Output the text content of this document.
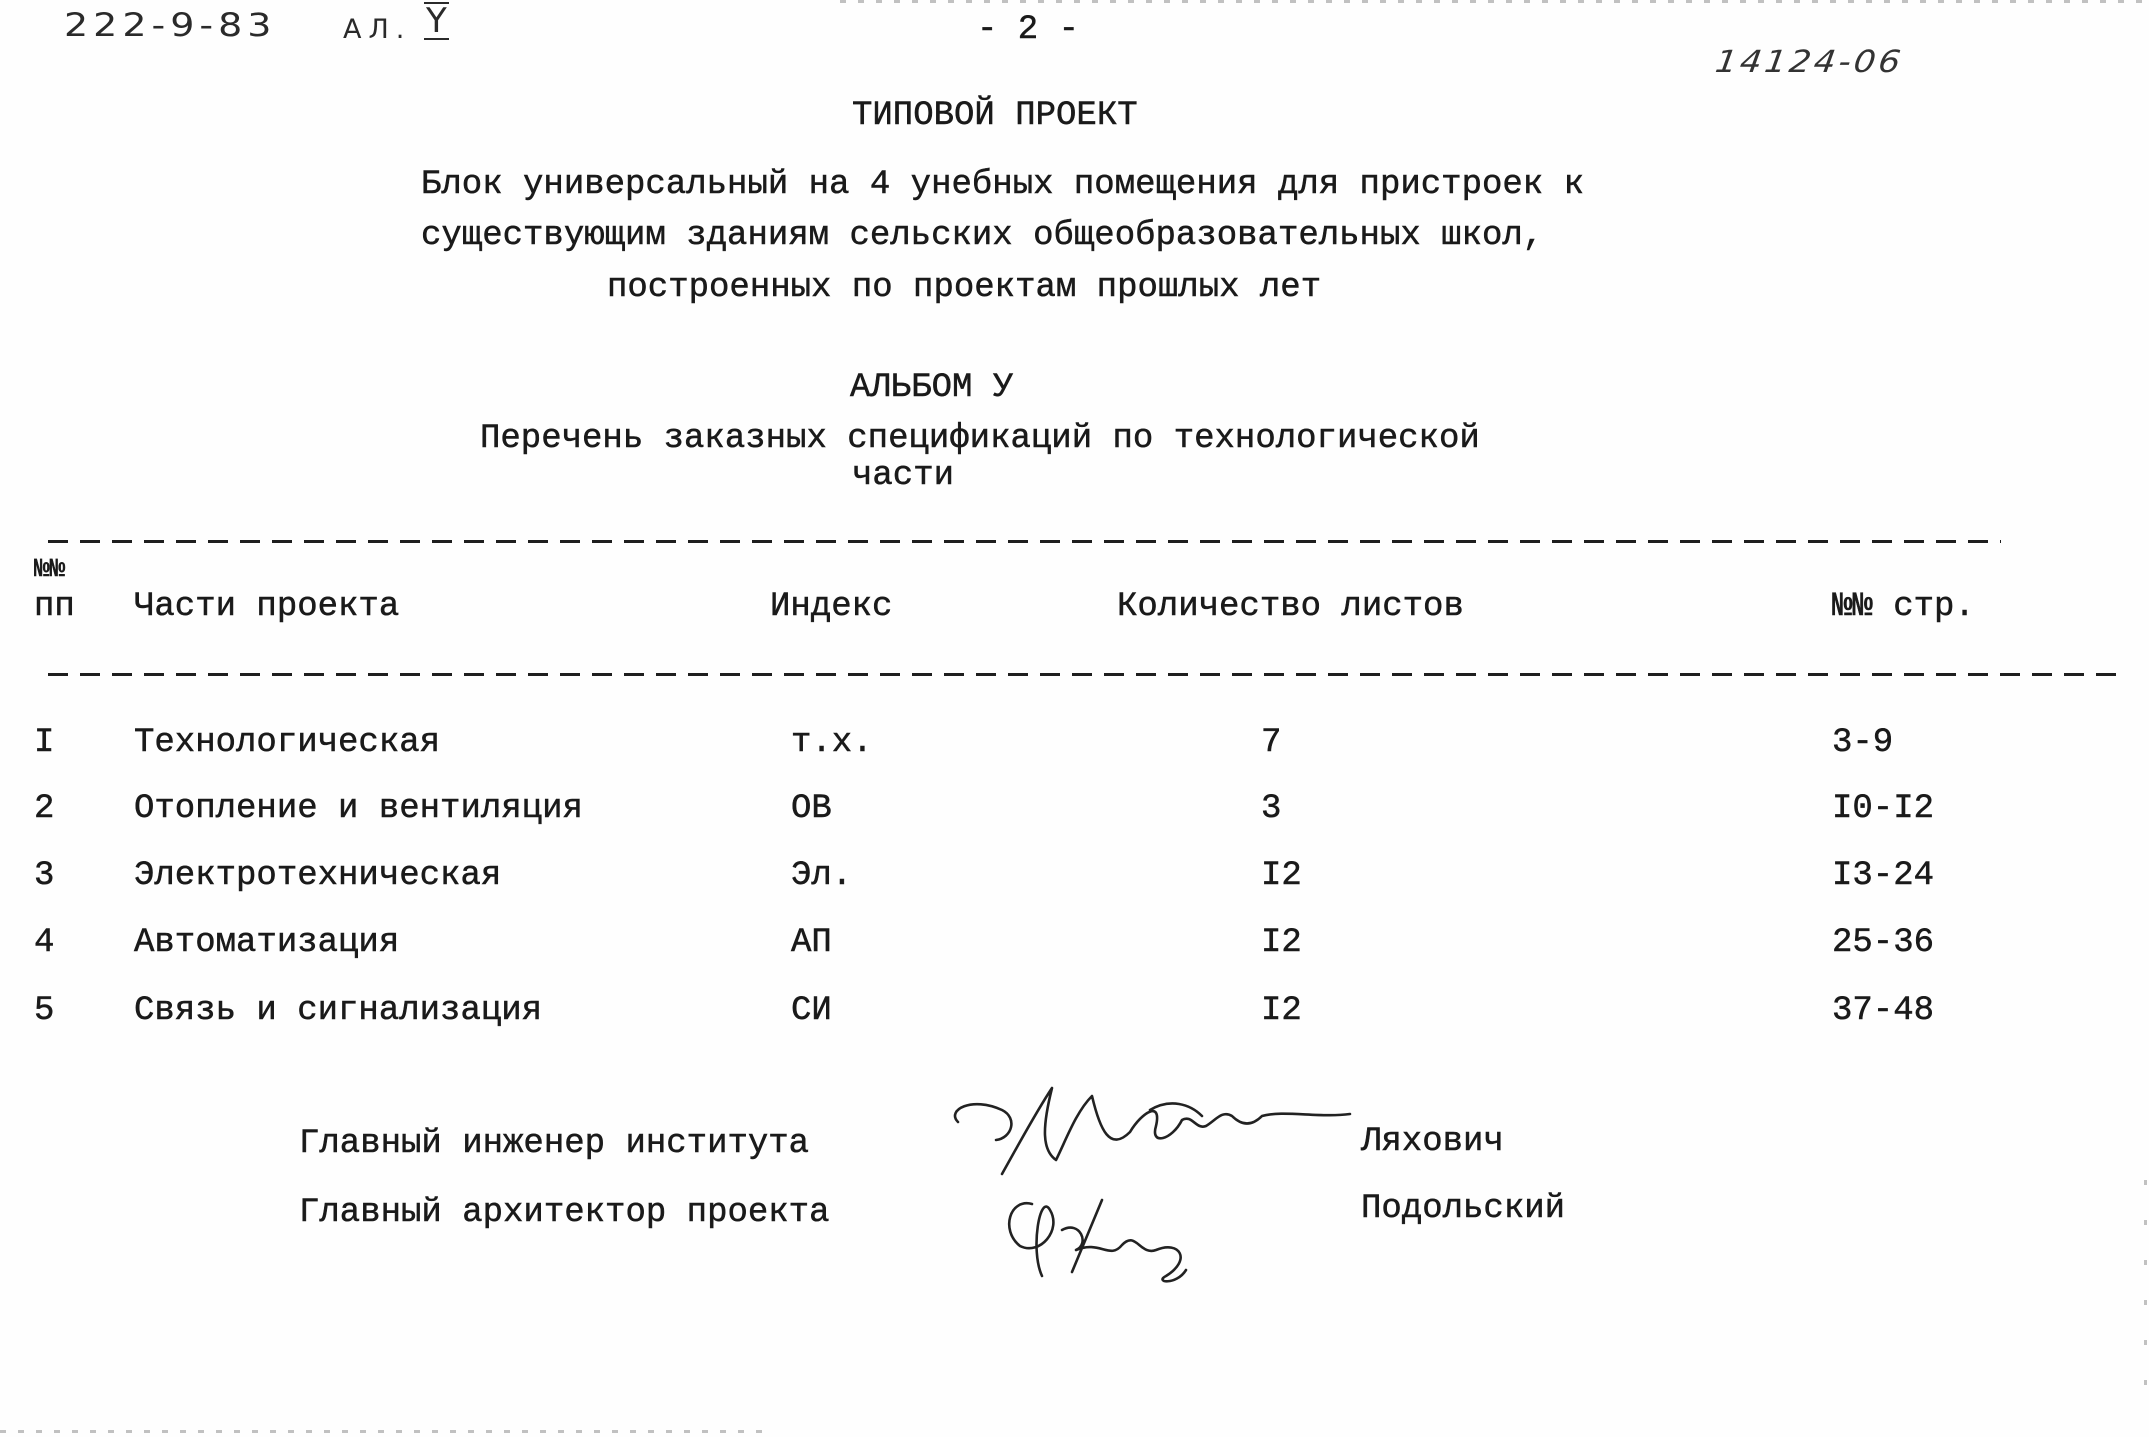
222-9-83 АЛ. Y	- 2 -
14124-06
ТИПОВОЙ ПРОЕКТ
Блок универсальный на 4 унебных помещения для пристроек к
существующим зданиям сельских общеобразовательных школ,
построенных по проектам прошлых лет
АЛЬБОМ У
Перечень заказных спецификаций по технологической
части
№№
пп Части проекта	Индекс	Количество листов	№№ стр.
I Технологическая	т.х.	7	3-9
2 Отопление и вентиляция	ОВ	3	I0-I2
3 Электротехническая	Эл.	I2	I3-24
4 Автоматизация	АП	I2	25-36
5 Связь и сигнализация	СИ	I2	37-48
Главный инженер института
Главный архитектор проекта
Ляхович
Подольский
